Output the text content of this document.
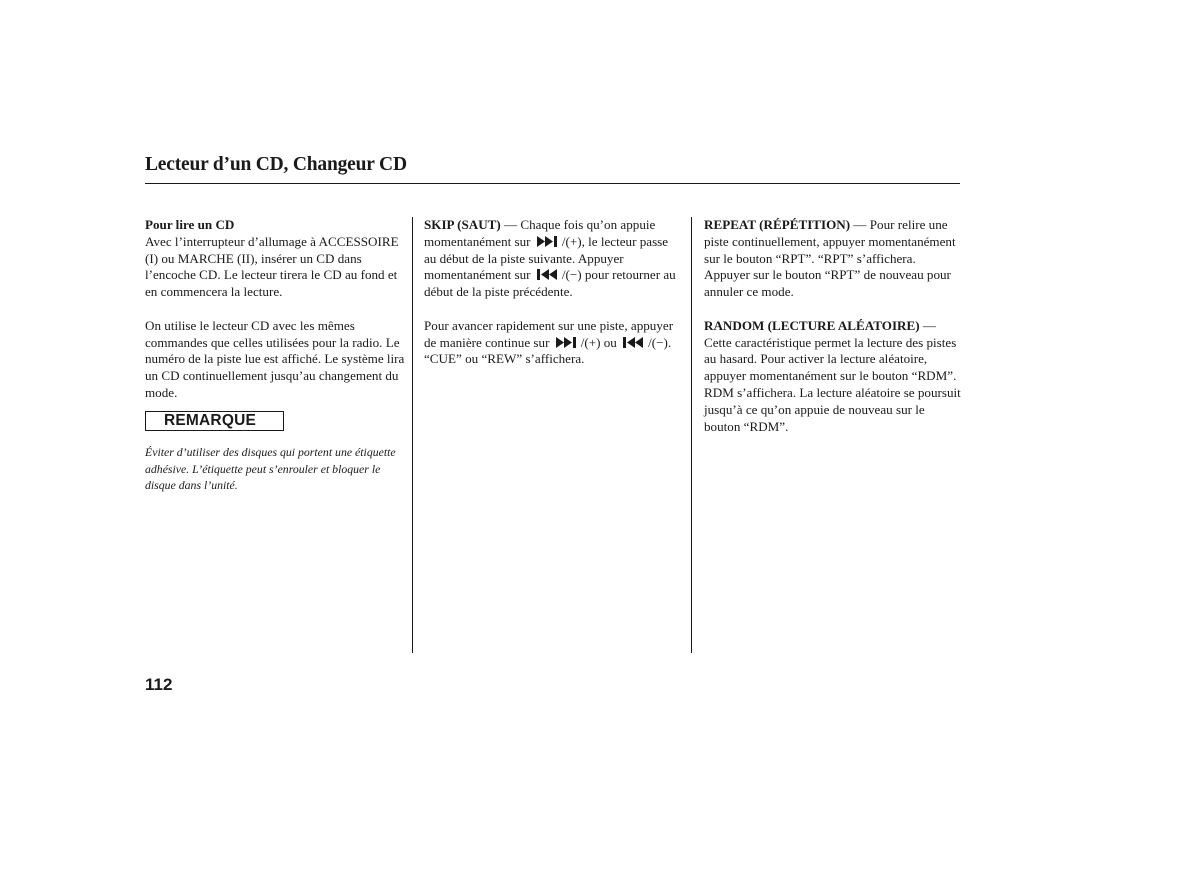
Lecteur d’un CD, Changeur CD

Pour lire un CD

Avec l’interrupteur d’allumage à ACCESSOIRE (I) ou MARCHE (II), insérer un CD dans l’encoche CD. Le lecteur tirera le CD au fond et en commencera la lecture.

On utilise le lecteur CD avec les mêmes commandes que celles utilisées pour la radio. Le numéro de la piste lue est affiché. Le système lira un CD continuellement jusqu’au changement du mode.

REMARQUE

Éviter d’utiliser des disques qui portent une étiquette adhésive. L’étiquette peut s’enrouler et bloquer le disque dans l’unité.

SKIP (SAUT) — Chaque fois qu’on appuie momentanément sur /(+), le lecteur passe au début de la piste suivante. Appuyer momentanément sur /(−) pour retourner au début de la piste précédente.

Pour avancer rapidement sur une piste, appuyer de manière continue sur /(+) ou /(−). “CUE” ou “REW” s’affichera.

REPEAT (RÉPÉTITION) — Pour relire une piste continuellement, appuyer momentanément sur le bouton “RPT”. “RPT” s’affichera. Appuyer sur le bouton “RPT” de nouveau pour annuler ce mode.

RANDOM (LECTURE ALÉATOIRE) —
Cette caractéristique permet la lecture des pistes au hasard. Pour activer la lecture aléatoire, appuyer momentanément sur le bouton “RDM”. RDM s’affichera. La lecture aléatoire se poursuit jusqu’à ce qu’on appuie de nouveau sur le bouton “RDM”.

112
